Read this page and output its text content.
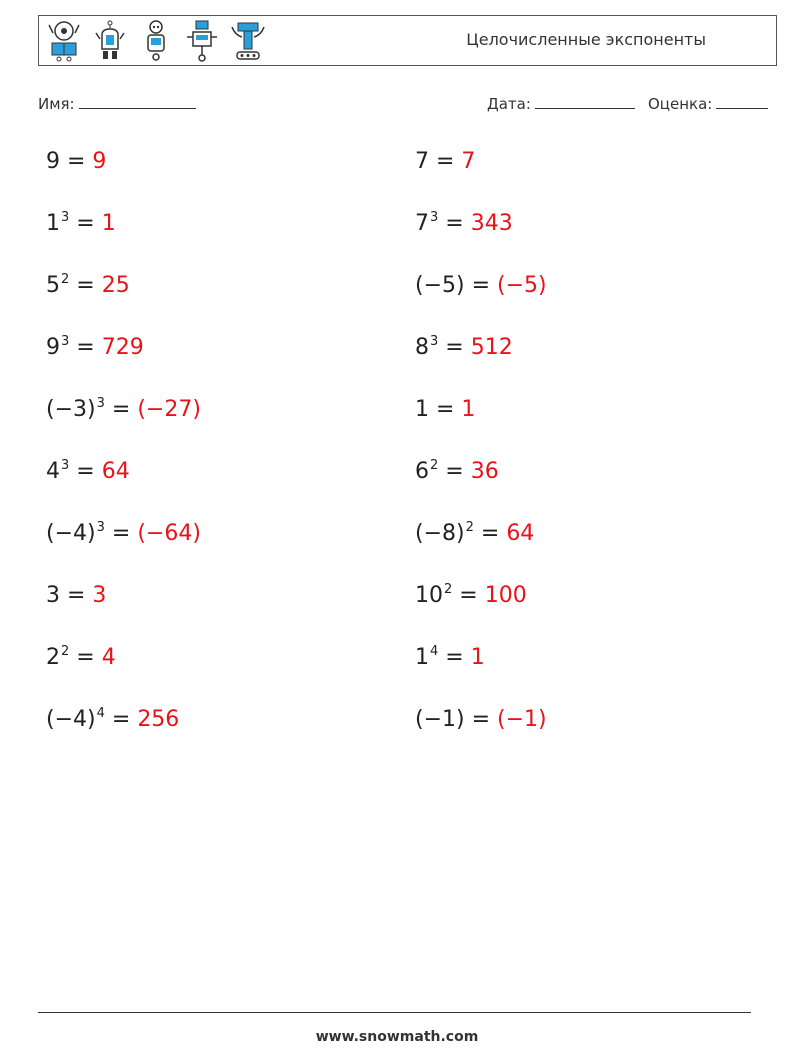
Целочисленные экспоненты
Имя:	Дата:	Оценка:
9 = 9	7 = 7
$1^3 = 1$	$7^3 = 343$
$5^2 = 25$	(−5) = (−5)
$9^3 = 729$	$8^3 = 512$
$(-3)^3 = (-27)$	1 = 1
$4^3 = 64$	$6^2 = 36$
$(-4)^3 = (-64)$	$(-8)^2 = 64$
3 = 3	$10^2 = 100$
$2^2 = 4$	$1^4 = 1$
$(-4)^4 = 256$	(−1) = (−1)
www.snowmath.com
